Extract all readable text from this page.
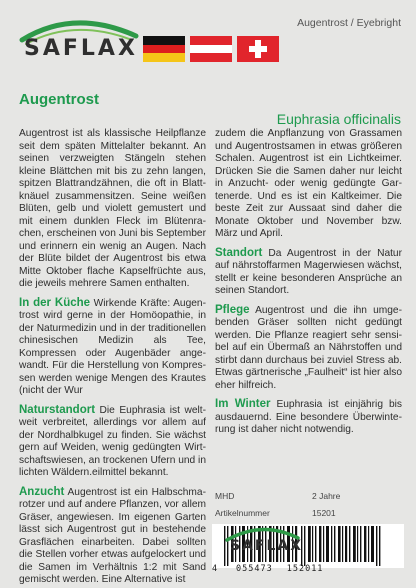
SAFLAX
Augentrost / Eyebright
Augentrost
Euphrasia officinalis

Augentrost ist als klassische Heilpflanze seit dem späten Mittelalter bekannt. An seinen verzweigten Stängeln stehen kleine Blättchen mit bis zu zehn langen, spitzen Blattrandzähnen, die oft in Blattknäuel zusammensitzen. Seine weißen Blüten, gelb und violett gemustert und mit einem dunklen Fleck im Blütenrachen, erscheinen von Juni bis September und erinnern ein wenig an Augen. Nach der Blüte bildet der Augentrost bis etwa Mitte Oktober flache Kapselfrüchte aus, die jeweils mehrere Samen enthalten.

In der Küche Wirkende Kräfte: Augentrost wird gerne in der Homöopathie, in der Naturmedizin und in der traditionellen chinesischen Medizin als Tee, Kompressen oder Augenbäder angewandt. Für die Herstellung von Kompressen werden wenige Mengen des Krautes (nicht der Wur

Naturstandort Die Euphrasia ist weltweit verbreitet, allerdings vor allem auf der Nordhalbkugel zu finden. Sie wächst gern auf Weiden, wenig gedüngten Wirtschaftswiesen, an trockenen Ufern und in lichten Wäldern.eilmittel bekannt.

Anzucht Augentrost ist ein Halbschmarotzer und auf andere Pflanzen, vor allem Gräser, angewiesen. Im eigenen Garten lässt sich Augentrost gut in bestehende Grasflächen einarbeiten. Dabei sollten die Stellen vorher etwas aufgelockert und die Samen im Verhältnis 1:2 mit Sand gemischt werden. Eine Alternative ist

zudem die Anpflanzung von Grassamen und Augentrostsamen in etwas größeren Schalen. Augentrost ist ein Lichtkeimer. Drücken Sie die Samen daher nur leicht in Anzucht- oder wenig gedüngte Gartenerde. Und es ist ein Kaltkeimer. Die beste Zeit zur Aussaat sind daher die Monate Oktober und November bzw. März und April.

Standort Da Augentrost in der Natur auf nährstoffarmen Magerwiesen wächst, stellt er keine besonderen Ansprüche an seinen Standort.

Pflege Augentrost und die ihn umgebenden Gräser sollten nicht gedüngt werden. Die Pflanze reagiert sehr sensibel auf ein Übermaß an Nährstoffen und stirbt dann durchaus bei zuviel Stress ab. Etwas gärtnerische „Faulheit“ ist hier also eher hilfreich.

Im Winter Euphrasia ist einjährig bis ausdauernd. Eine besondere Überwinterung ist daher nicht notwendig.

MHD	2 Jahre
Artikelnummer	15201
SAFLAX
4	055473 152011
